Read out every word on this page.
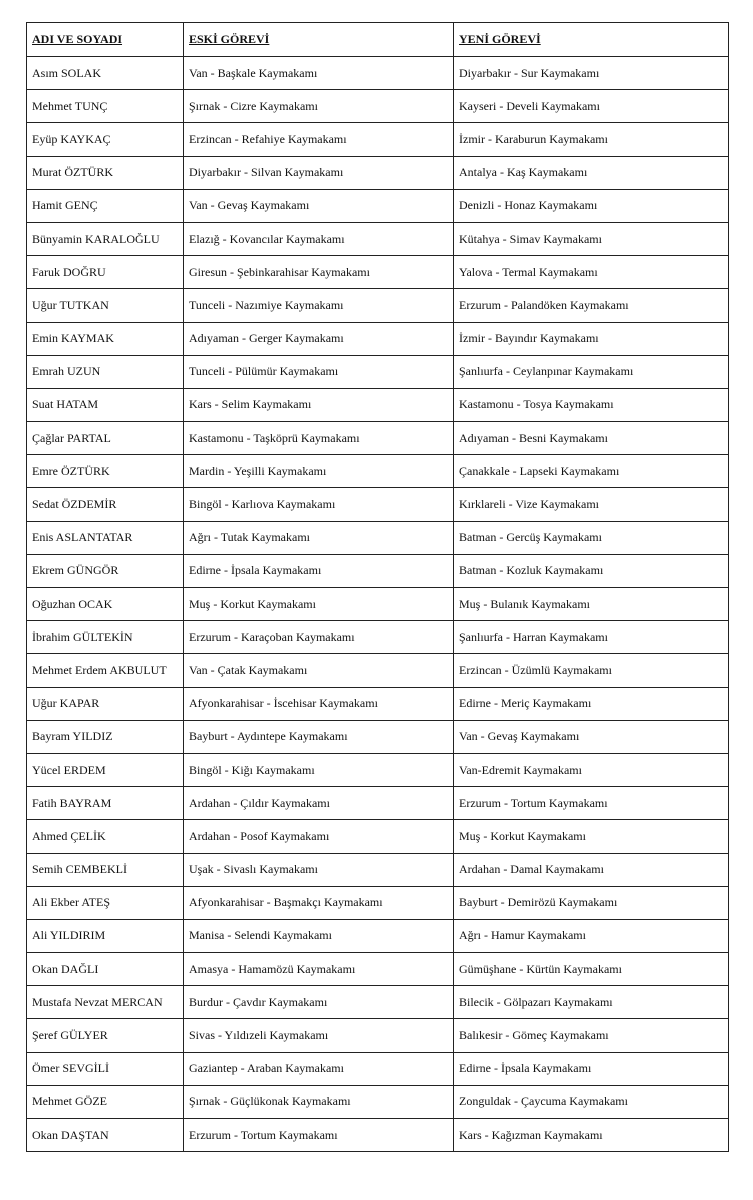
ADI VE SOYADI	ESKİ GÖREVİ	YENİ GÖREVİ
Asım SOLAK	Van - Başkale Kaymakamı	Diyarbakır - Sur Kaymakamı
Mehmet TUNÇ	Şırnak - Cizre Kaymakamı	Kayseri - Develi Kaymakamı
Eyüp KAYKAÇ	Erzincan - Refahiye Kaymakamı	İzmir - Karaburun Kaymakamı
Murat ÖZTÜRK	Diyarbakır - Silvan Kaymakamı	Antalya - Kaş Kaymakamı
Hamit GENÇ	Van - Gevaş Kaymakamı	Denizli - Honaz Kaymakamı
Bünyamin KARALOĞLU	Elazığ - Kovancılar Kaymakamı	Kütahya - Simav Kaymakamı
Faruk DOĞRU	Giresun - Şebinkarahisar Kaymakamı	Yalova - Termal Kaymakamı
Uğur TUTKAN	Tunceli - Nazımiye Kaymakamı	Erzurum - Palandöken Kaymakamı
Emin KAYMAK	Adıyaman - Gerger Kaymakamı	İzmir - Bayındır Kaymakamı
Emrah UZUN	Tunceli - Pülümür Kaymakamı	Şanlıurfa - Ceylanpınar Kaymakamı
Suat HATAM	Kars - Selim Kaymakamı	Kastamonu - Tosya Kaymakamı
Çağlar PARTAL	Kastamonu - Taşköprü Kaymakamı	Adıyaman - Besni Kaymakamı
Emre ÖZTÜRK	Mardin - Yeşilli Kaymakamı	Çanakkale - Lapseki Kaymakamı
Sedat ÖZDEMİR	Bingöl - Karlıova Kaymakamı	Kırklareli - Vize Kaymakamı
Enis ASLANTATAR	Ağrı - Tutak Kaymakamı	Batman - Gercüş Kaymakamı
Ekrem GÜNGÖR	Edirne - İpsala Kaymakamı	Batman - Kozluk Kaymakamı
Oğuzhan OCAK	Muş - Korkut Kaymakamı	Muş - Bulanık Kaymakamı
İbrahim GÜLTEKİN	Erzurum - Karaçoban Kaymakamı	Şanlıurfa - Harran Kaymakamı
Mehmet Erdem AKBULUT	Van - Çatak Kaymakamı	Erzincan - Üzümlü Kaymakamı
Uğur KAPAR	Afyonkarahisar - İscehisar Kaymakamı	Edirne - Meriç Kaymakamı
Bayram YILDIZ	Bayburt - Aydıntepe Kaymakamı	Van - Gevaş Kaymakamı
Yücel ERDEM	Bingöl - Kiğı Kaymakamı	Van-Edremit Kaymakamı
Fatih BAYRAM	Ardahan - Çıldır Kaymakamı	Erzurum - Tortum Kaymakamı
Ahmed ÇELİK	Ardahan - Posof Kaymakamı	Muş - Korkut Kaymakamı
Semih CEMBEKLİ	Uşak - Sivaslı Kaymakamı	Ardahan - Damal Kaymakamı
Ali Ekber ATEŞ	Afyonkarahisar - Başmakçı Kaymakamı	Bayburt - Demirözü Kaymakamı
Ali YILDIRIM	Manisa - Selendi Kaymakamı	Ağrı - Hamur Kaymakamı
Okan DAĞLI	Amasya - Hamamözü Kaymakamı	Gümüşhane - Kürtün Kaymakamı
Mustafa Nevzat MERCAN	Burdur - Çavdır Kaymakamı	Bilecik - Gölpazarı Kaymakamı
Şeref GÜLYER	Sivas - Yıldızeli Kaymakamı	Balıkesir - Gömeç Kaymakamı
Ömer SEVGİLİ	Gaziantep - Araban Kaymakamı	Edirne - İpsala Kaymakamı
Mehmet GÖZE	Şırnak - Güçlükonak Kaymakamı	Zonguldak - Çaycuma Kaymakamı
Okan DAŞTAN	Erzurum - Tortum Kaymakamı	Kars - Kağızman Kaymakamı
